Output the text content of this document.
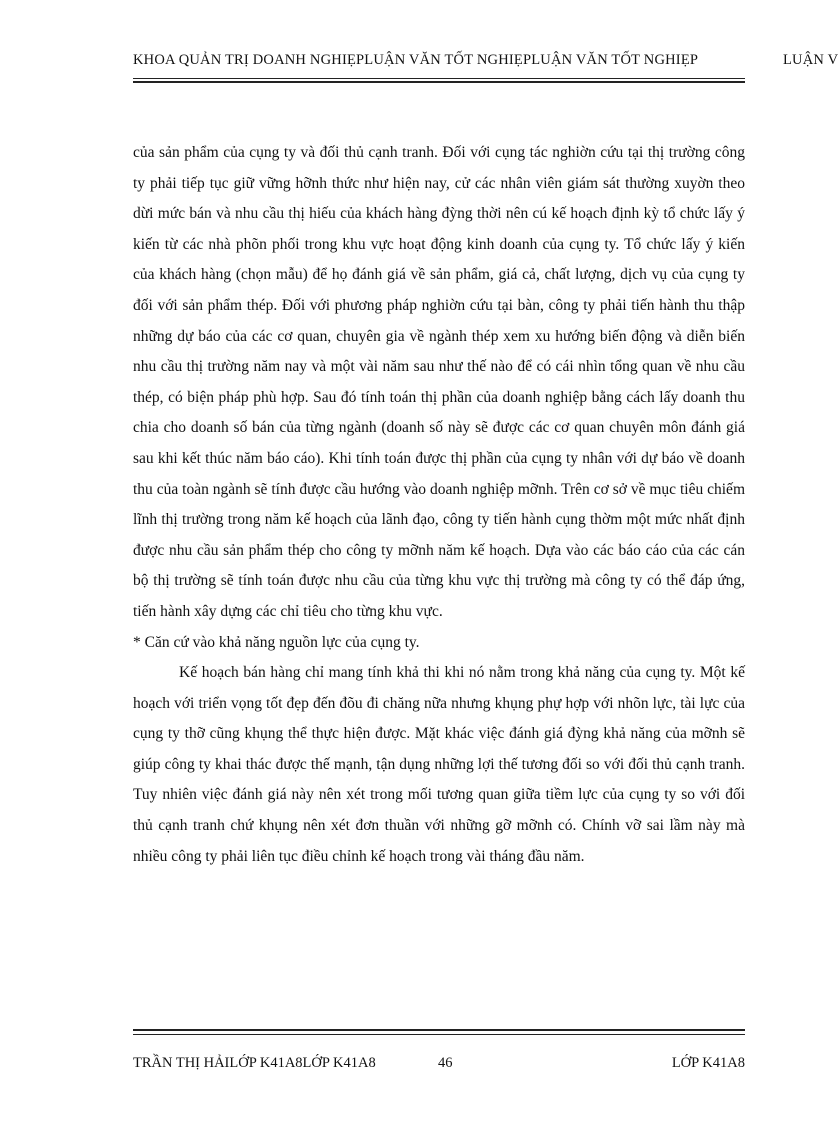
KHOA QUẢN TRỊ DOANH NGHIẸPLUẬN VĂN TỐT NGHIẸPLUẬN VĂN TỐT NGHIẸP	LUẬN V

của sản phẩm của cụng ty và đối thủ cạnh tranh. Đối với cụng tác nghiờn cứu tại thị trường công ty phải tiếp tục giữ vững hỡnh thức như hiện nay, cử các nhân viên giám sát thường xuyờn theo dừi mức bán và nhu cầu thị hiếu của khách hàng đỳng thời nên cú kế hoạch định kỳ tổ chức lấy ý kiến từ các nhà phõn phối trong khu vực hoạt động kinh doanh của cụng ty. Tổ chức lấy ý kiến của khách hàng (chọn mẫu) để họ đánh giá về sản phẩm, giá cả, chất lượng, dịch vụ của cụng ty đối với sản phẩm thép. Đối với phương pháp nghiờn cứu tại bàn, công ty phải tiến hành thu thập những dự báo của các cơ quan, chuyên gia về ngành thép xem xu hướng biến động và diễn biến nhu cầu thị trường năm nay và một vài năm sau như thế nào để có cái nhìn tổng quan về nhu cầu thép, có biện pháp phù hợp. Sau đó tính toán thị phần của doanh nghiệp bằng cách lấy doanh thu chia cho doanh số bán của từng ngành (doanh số này sẽ được các cơ quan chuyên môn đánh giá sau khi kết thúc năm báo cáo). Khi tính toán được thị phần của cụng ty nhân với dự báo về doanh thu của toàn ngành sẽ tính được cầu hướng vào doanh nghiệp mỡnh. Trên cơ sở về mục tiêu chiếm lĩnh thị trường trong năm kế hoạch của lãnh đạo, công ty tiến hành cụng thờm một mức nhất định được nhu cầu sản phẩm thép cho công ty mỡnh năm kế hoạch. Dựa vào các báo cáo của các cán bộ thị trường sẽ tính toán được nhu cầu của từng khu vực thị trường mà công ty có thể đáp ứng, tiến hành xây dựng các chỉ tiêu cho từng khu vực.

* Căn cứ vào khả năng nguồn lực của cụng ty.

Kế hoạch bán hàng chỉ mang tính khả thi khi nó nằm trong khả năng của cụng ty. Một kế hoạch với triển vọng tốt đẹp đến đõu đi chăng nữa nhưng khụng phự hợp với nhõn lực, tài lực của cụng ty thỡ cũng khụng thể thực hiện được. Mặt khác việc đánh giá đỳng khả năng của mỡnh sẽ giúp công ty khai thác được thế mạnh, tận dụng những lợi thế tương đối so với đối thủ cạnh tranh. Tuy nhiên việc đánh giá này nên xét trong mối tương quan giữa tiềm lực của cụng ty so với đối thủ cạnh tranh chứ khụng nên xét đơn thuần với những gỡ mỡnh có. Chính vỡ sai lầm này mà nhiều công ty phải liên tục điều chỉnh kế hoạch trong vài tháng đầu năm.

TRẦN THỊ HẢILỚP K41A8LỚP K41A8	46	LỚP K41A8
